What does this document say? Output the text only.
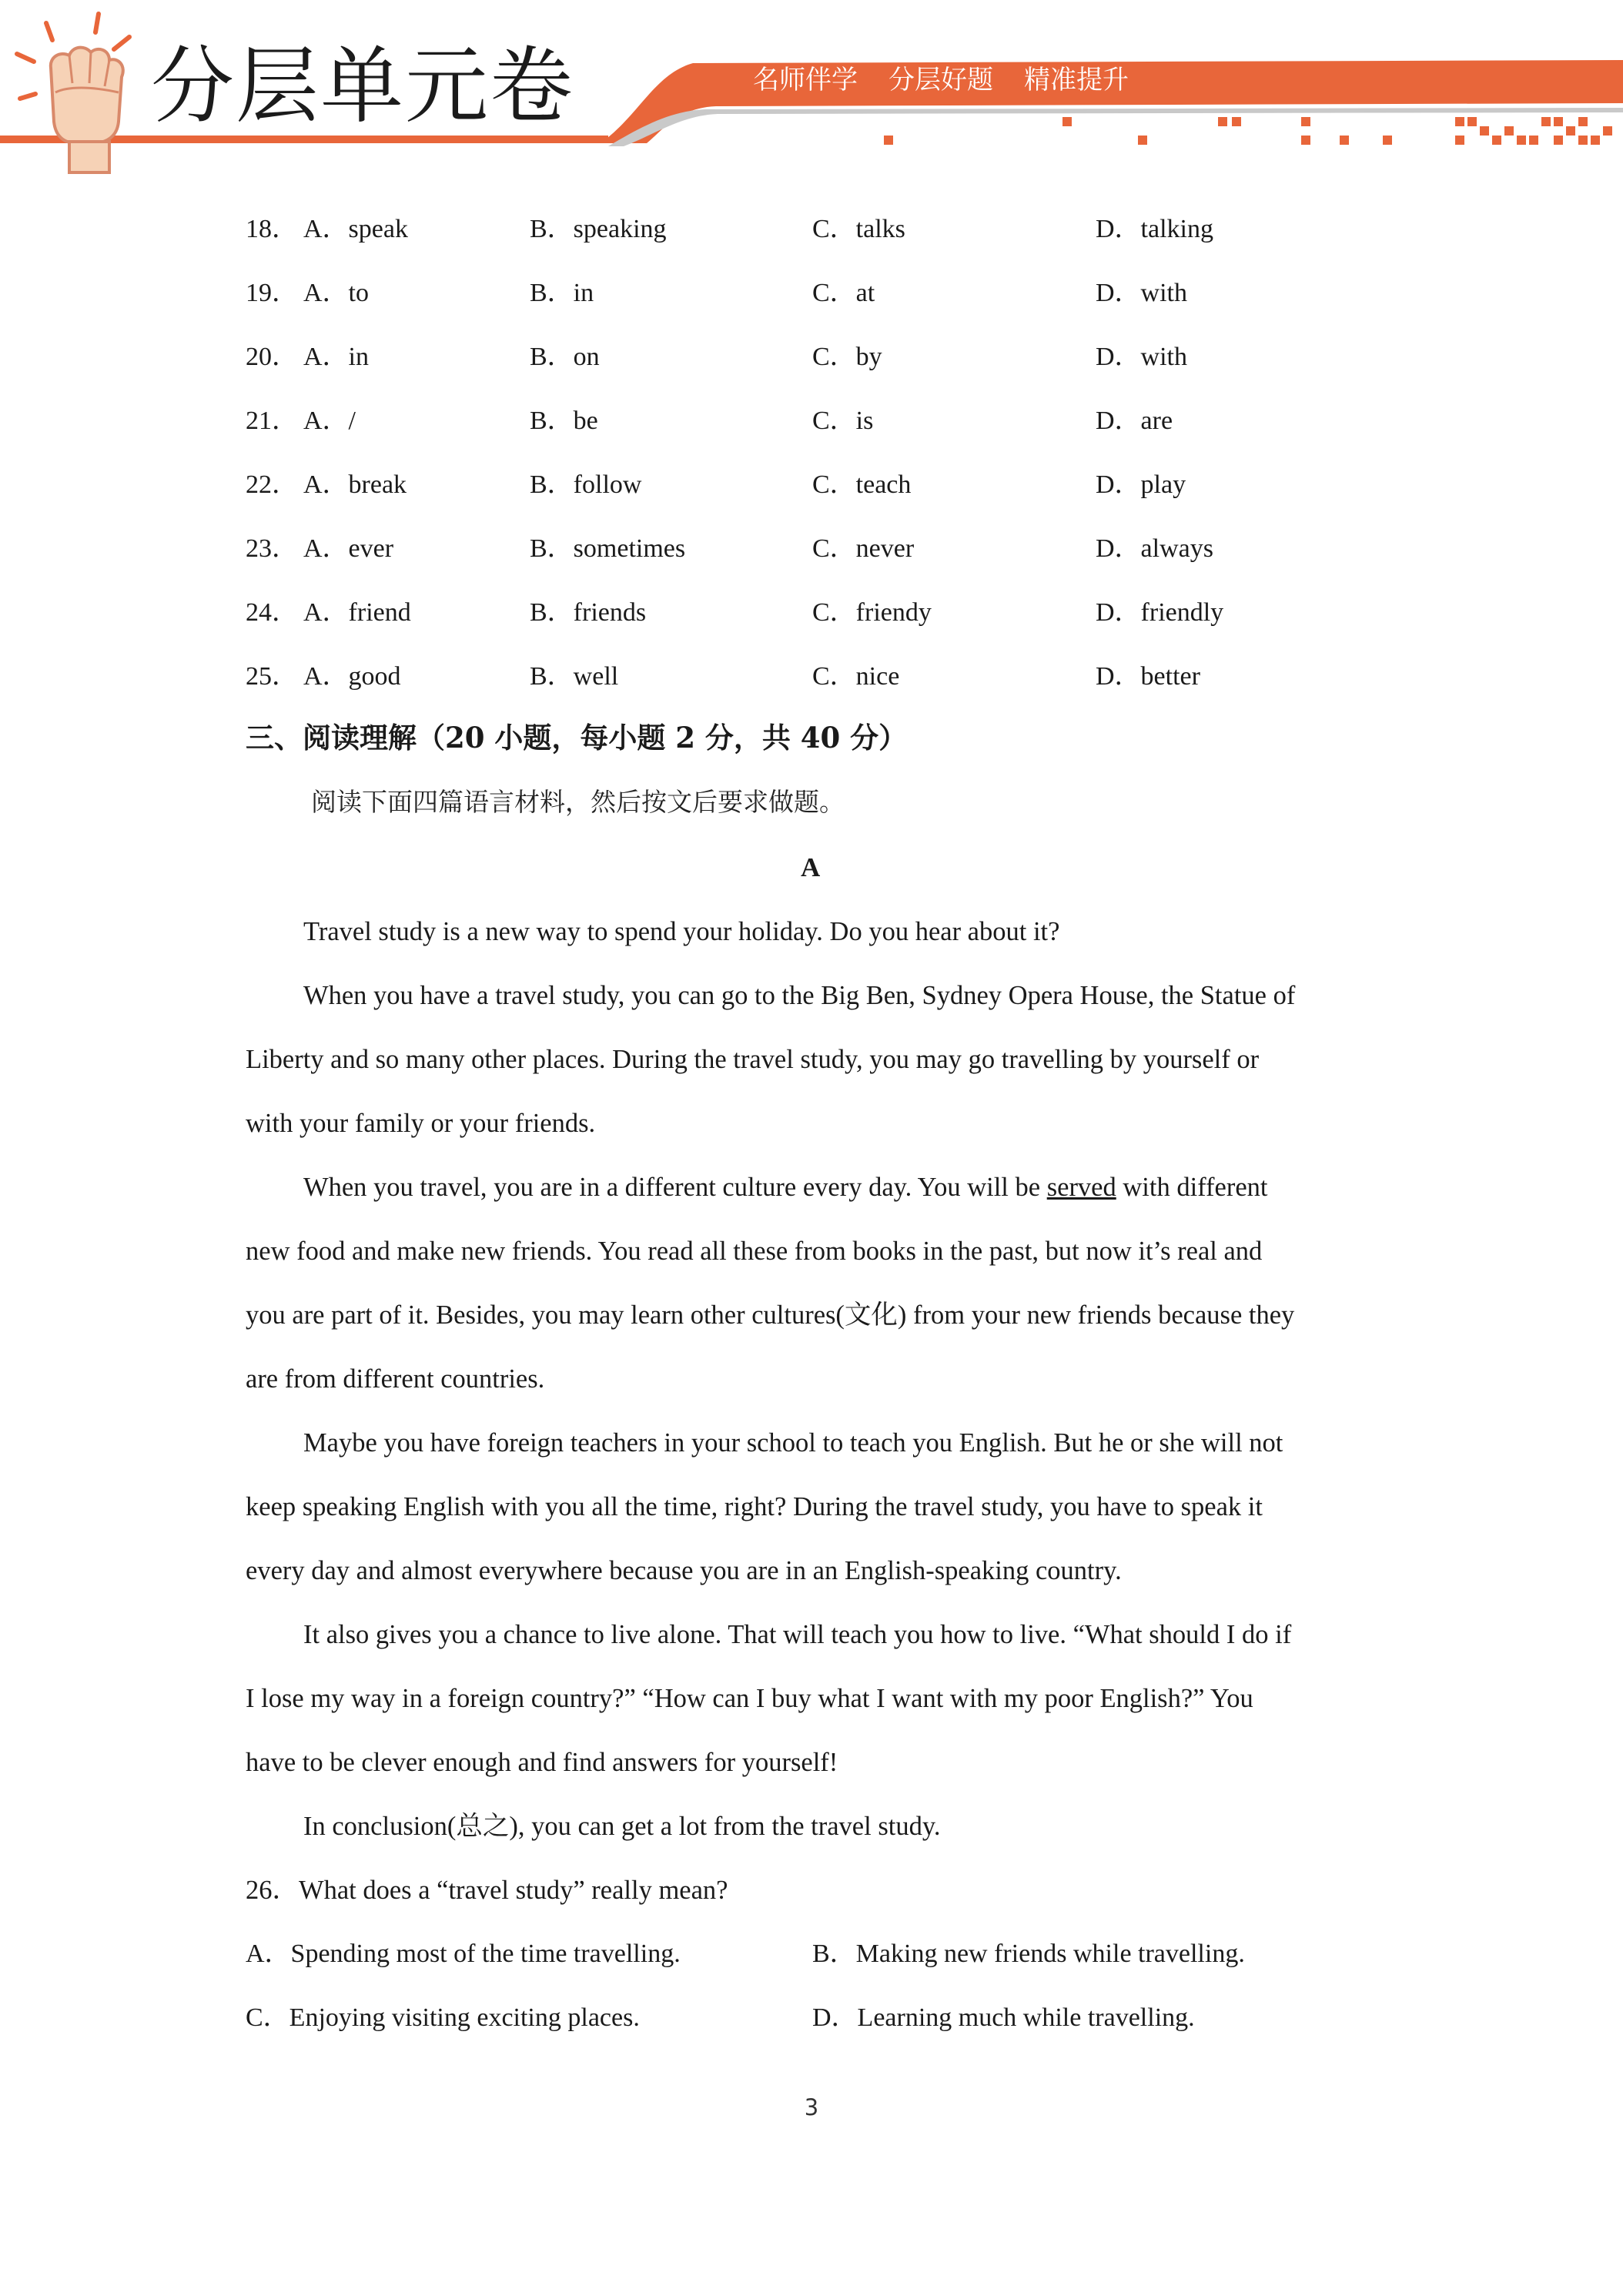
分层单元卷	名师伴学 分层好题 精准提升
18． A．speak	B．speaking	C．talks	D．talking
19． A．to	B．in	C．at	D．with
20． A．in	B．on	C．by	D．with
21． A．/	B．be	C．is	D．are
22． A．break	B．follow	C．teach	D．play
23． A．ever	B．sometimes	C．never	D．always
24． A．friend	B．friends	C．friendy	D．friendly
25． A．good	B．well	C．nice	D．better
三、阅读理解（20 小题，每小题 2 分，共 40 分）
阅读下面四篇语言材料，然后按文后要求做题。
A
Travel study is a new way to spend your holiday. Do you hear about it?
When you have a travel study, you can go to the Big Ben, Sydney Opera House, the Statue of
Liberty and so many other places. During the travel study, you may go travelling by yourself or
with your family or your friends.
When you travel, you are in a different culture every day. You will be served with different
new food and make new friends. You read all these from books in the past, but now it’s real and
you are part of it. Besides, you may learn other cultures(文化) from your new friends because they
are from different countries.
Maybe you have foreign teachers in your school to teach you English. But he or she will not
keep speaking English with you all the time, right? During the travel study, you have to speak it
every day and almost everywhere because you are in an English-speaking country.
It also gives you a chance to live alone. That will teach you how to live. “What should I do if
I lose my way in a foreign country?” “How can I buy what I want with my poor English?” You
have to be clever enough and find answers for yourself!
In conclusion(总之), you can get a lot from the travel study.
26．What does a “travel study” really mean?
A．Spending most of the time travelling.	B．Making new friends while travelling.
C．Enjoying visiting exciting places.	D．Learning much while travelling.
3
